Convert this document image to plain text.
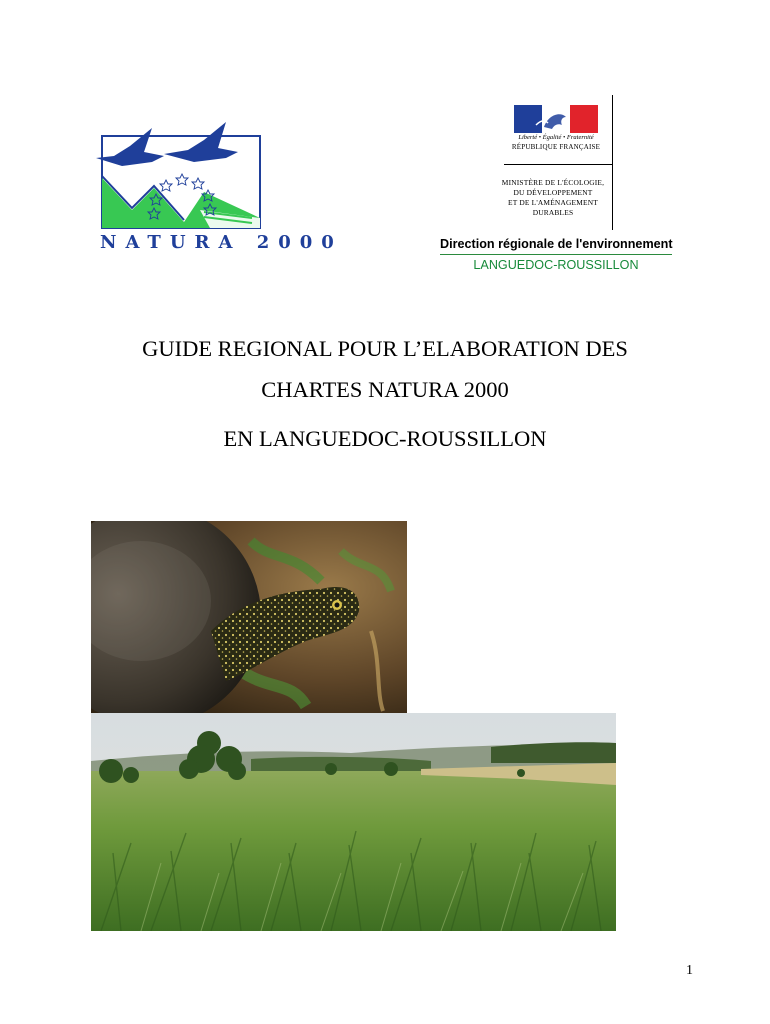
NATURA 2000
Liberté • Égalité • Fraternité
RÉPUBLIQUE FRANÇAISE
MINISTÈRE DE L'ÉCOLOGIE,
DU DÉVELOPPEMENT
ET DE L'AMÉNAGEMENT
DURABLES
Direction régionale de l'environnement
LANGUEDOC-ROUSSILLON
GUIDE REGIONAL POUR L’ELABORATION DES
CHARTES NATURA 2000
EN LANGUEDOC-ROUSSILLON
1
